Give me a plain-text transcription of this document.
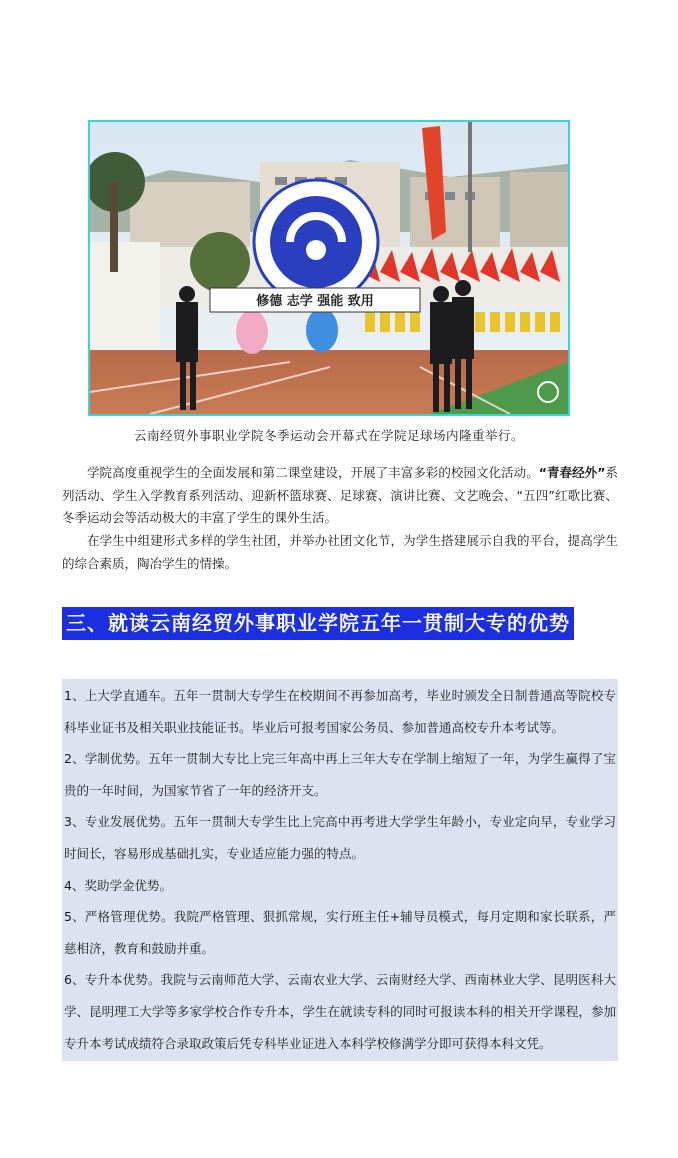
修德 志学 强能 致用
云南经贸外事职业学院冬季运动会开幕式在学院足球场内隆重举行。

学院高度重视学生的全面发展和第二课堂建设，开展了丰富多彩的校园文化活动。“青春经外”系列活动、学生入学教育系列活动、迎新杯篮球赛、足球赛、演讲比赛、文艺晚会、“五四”红歌比赛、冬季运动会等活动极大的丰富了学生的课外生活。

在学生中组建形式多样的学生社团，并举办社团文化节，为学生搭建展示自我的平台，提高学生的综合素质，陶冶学生的情操。

三、就读云南经贸外事职业学院五年一贯制大专的优势

1、上大学直通车。五年一贯制大专学生在校期间不再参加高考，毕业时颁发全日制普通高等院校专科毕业证书及相关职业技能证书。毕业后可报考国家公务员、参加普通高校专升本考试等。

2、学制优势。五年一贯制大专比上完三年高中再上三年大专在学制上缩短了一年，为学生赢得了宝贵的一年时间，为国家节省了一年的经济开支。

3、专业发展优势。五年一贯制大专学生比上完高中再考进大学学生年龄小，专业定向早，专业学习时间长，容易形成基础扎实，专业适应能力强的特点。

4、奖助学金优势。

5、严格管理优势。我院严格管理、狠抓常规，实行班主任+辅导员模式，每月定期和家长联系，严慈相济，教育和鼓励并重。

6、专升本优势。我院与云南师范大学、云南农业大学、云南财经大学、西南林业大学、昆明医科大学、昆明理工大学等多家学校合作专升本，学生在就读专科的同时可报读本科的相关开学课程，参加专升本考试成绩符合录取政策后凭专科毕业证进入本科学校修满学分即可获得本科文凭。
